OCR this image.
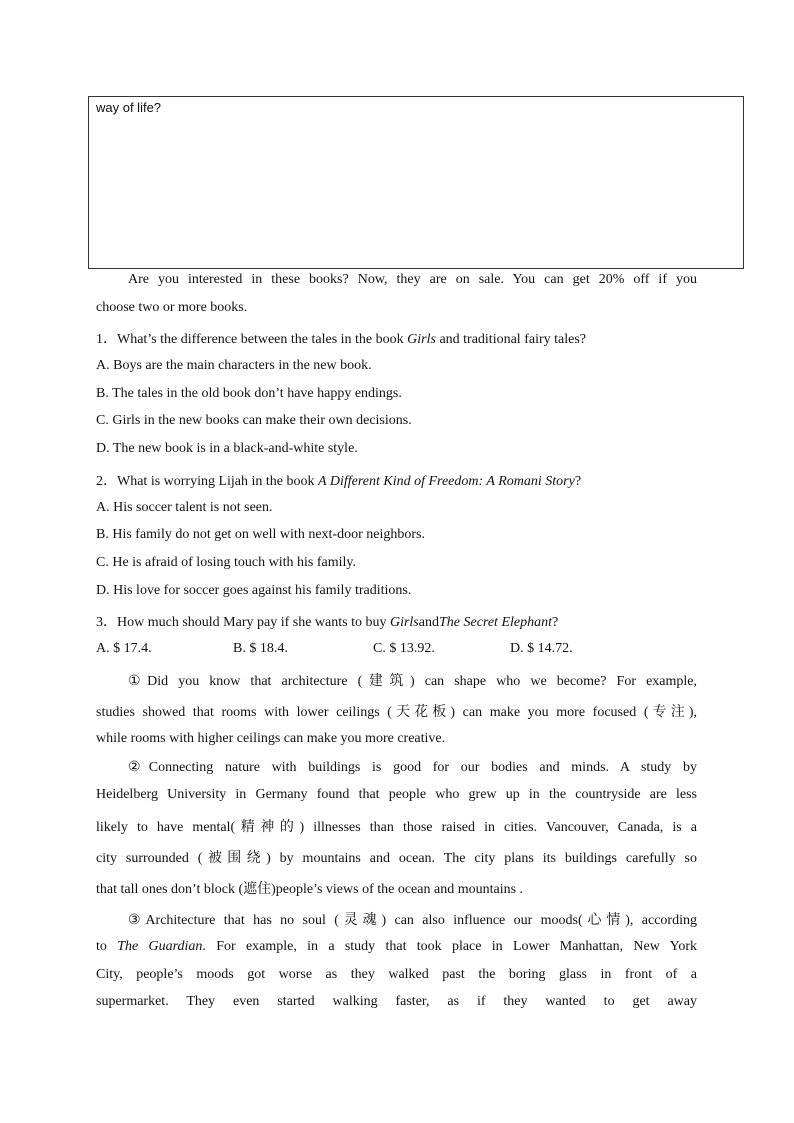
way of life?
Are you interested in these books? Now, they are on sale. You can get 20% off if you
choose two or more books.
1．What’s the difference between the tales in the book Girls and traditional fairy tales?
A. Boys are the main characters in the new book.
B. The tales in the old book don’t have happy endings.
C. Girls in the new books can make their own decisions.
D. The new book is in a black-and-white style.
2．What is worrying Lijah in the book A Different Kind of Freedom: A Romani Story?
A. His soccer talent is not seen.
B. His family do not get on well with next-door neighbors.
C. He is afraid of losing touch with his family.
D. His love for soccer goes against his family traditions.
3．How much should Mary pay if she wants to buy GirlsandThe Secret Elephant?
A. $ 17.4.	B. $ 18.4.	C. $ 13.92.	D. $ 14.72.
①Did you know that architecture (建筑) can shape who we become? For example,
studies showed that rooms with lower ceilings (天花板) can make you more focused (专注),
while rooms with higher ceilings can make you more creative.
②Connecting nature with buildings is good for our bodies and minds. A study by
Heidelberg University in Germany found that people who grew up in the countryside are less
likely to have mental(精神的) illnesses than those raised in cities. Vancouver, Canada, is a
city surrounded (被围绕) by mountains and ocean. The city plans its buildings carefully so
that tall ones don’t block (遮住)people’s views of the ocean and mountains .
③Architecture that has no soul (灵魂) can also influence our moods(心情), according
to The Guardian. For example, in a study that took place in Lower Manhattan, New York
City, people’s moods got worse as they walked past the boring glass in front of a
supermarket. They even started walking faster, as if they wanted to get away
